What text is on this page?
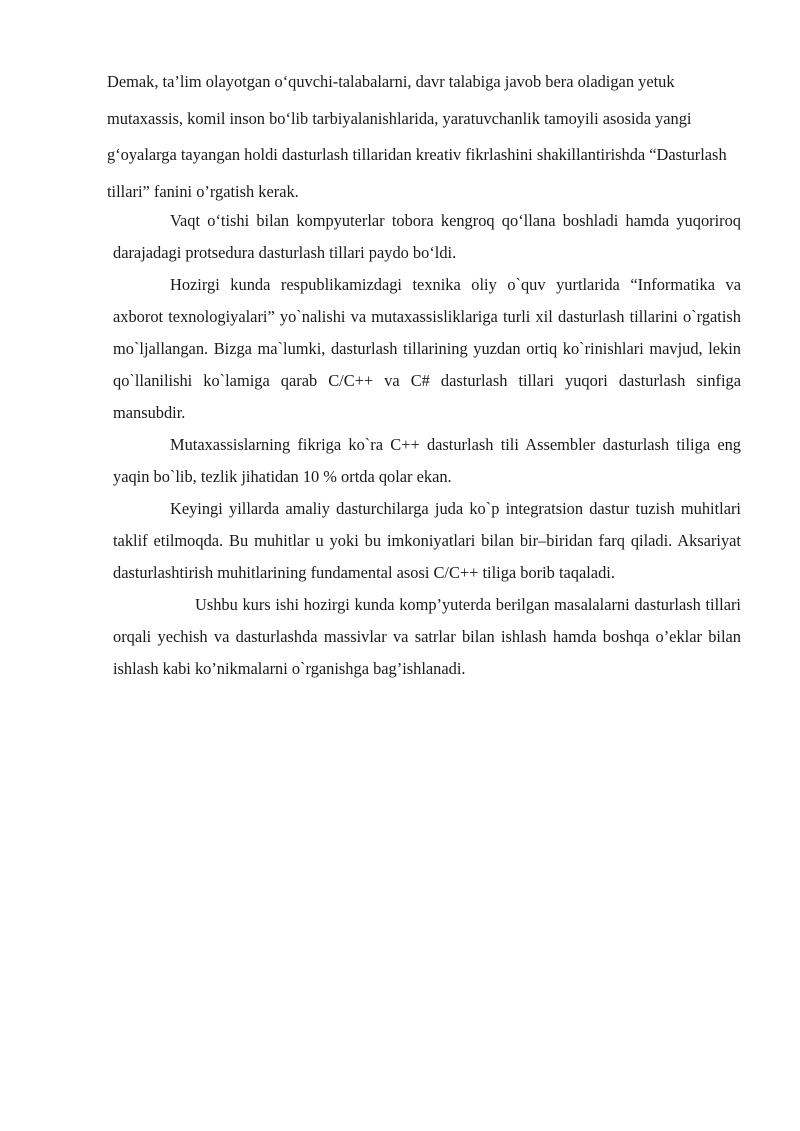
Demak, ta’lim olayotgan o‘quvchi-talabalarni, davr talabiga javob bera oladigan yetuk mutaxassis, komil inson bo‘lib tarbiyalanishlarida, yaratuvchanlik tamoyili asosida yangi g‘oyalarga tayangan holdi dasturlash tillaridan kreativ fikrlashini shakillantirishda “Dasturlash tillari” fanini o’rgatish kerak.

Vaqt o‘tishi bilan kompyuterlar tobora kengroq qo‘llana boshladi hamda yuqoriroq darajadagi protsedura dasturlash tillari paydo bo‘ldi.

Hozirgi kunda respublikamizdagi texnika oliy o`quv yurtlarida “Informatika va axborot texnologiyalari” yo`nalishi va mutaxassisliklariga turli xil dasturlash tillarini o`rgatish mo`ljallangan. Bizga ma`lumki, dasturlash tillarining yuzdan ortiq ko`rinishlari mavjud, lekin qo`llanilishi ko`lamiga qarab C/C++ va C# dasturlash tillari yuqori dasturlash sinfiga mansubdir.

Mutaxassislarning fikriga ko`ra C++ dasturlash tili Assembler dasturlash tiliga eng yaqin bo`lib, tezlik jihatidan 10 % ortda qolar ekan.

Keyingi yillarda amaliy dasturchilarga juda ko`p integratsion dastur tuzish muhitlari taklif etilmoqda. Bu muhitlar u yoki bu imkoniyatlari bilan bir–biridan farq qiladi. Aksariyat dasturlashtirish muhitlarining fundamental asosi C/C++ tiliga borib taqaladi.

Ushbu kurs ishi hozirgi kunda komp’yuterda berilgan masalalarni dasturlash tillari orqali yechish va dasturlashda massivlar va satrlar bilan ishlash hamda boshqa o’eklar bilan ishlash kabi ko’nikmalarni o`rganishga bag’ishlanadi.
